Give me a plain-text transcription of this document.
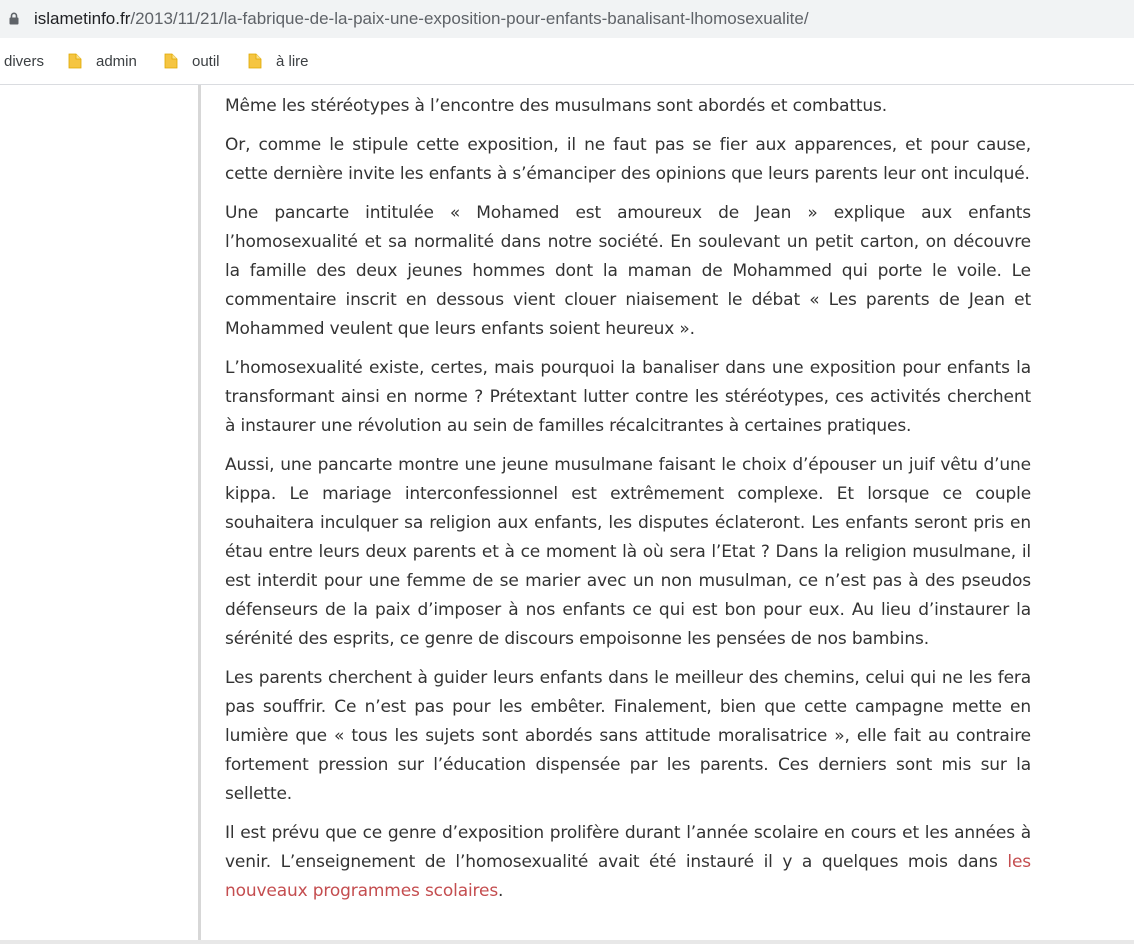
islametinfo.fr/2013/11/21/la-fabrique-de-la-paix-une-exposition-pour-enfants-banalisant-lhomosexualite/
divers	admin	outil	à lire

Même les stéréotypes à l’encontre des musulmans sont abordés et combattus.

Or, comme le stipule cette exposition, il ne faut pas se fier aux apparences, et pour cause, cette dernière invite les enfants à s’émanciper des opinions que leurs parents leur ont inculqué.

Une pancarte intitulée « Mohamed est amoureux de Jean » explique aux enfants l’homosexualité et sa normalité dans notre société. En soulevant un petit carton, on découvre la famille des deux jeunes hommes dont la maman de Mohammed qui porte le voile. Le commentaire inscrit en dessous vient clouer niaisement le débat « Les parents de Jean et Mohammed veulent que leurs enfants soient heureux ».

L’homosexualité existe, certes, mais pourquoi la banaliser dans une exposition pour enfants la transformant ainsi en norme ? Prétextant lutter contre les stéréotypes, ces activités cherchent à instaurer une révolution au sein de familles récalcitrantes à certaines pratiques.

Aussi, une pancarte montre une jeune musulmane faisant le choix d’épouser un juif vêtu d’une kippa. Le mariage interconfessionnel est extrêmement complexe. Et lorsque ce couple souhaitera inculquer sa religion aux enfants, les disputes éclateront. Les enfants seront pris en étau entre leurs deux parents et à ce moment là où sera l’Etat ? Dans la religion musulmane, il est interdit pour une femme de se marier avec un non musulman, ce n’est pas à des pseudos défenseurs de la paix d’imposer à nos enfants ce qui est bon pour eux. Au lieu d’instaurer la sérénité des esprits, ce genre de discours empoisonne les pensées de nos bambins.

Les parents cherchent à guider leurs enfants dans le meilleur des chemins, celui qui ne les fera pas souffrir. Ce n’est pas pour les embêter. Finalement, bien que cette campagne mette en lumière que « tous les sujets sont abordés sans attitude moralisatrice », elle fait au contraire fortement pression sur l’éducation dispensée par les parents. Ces derniers sont mis sur la sellette.

Il est prévu que ce genre d’exposition prolifère durant l’année scolaire en cours et les années à venir. L’enseignement de l’homosexualité avait été instauré il y a quelques mois dans les nouveaux programmes scolaires.
